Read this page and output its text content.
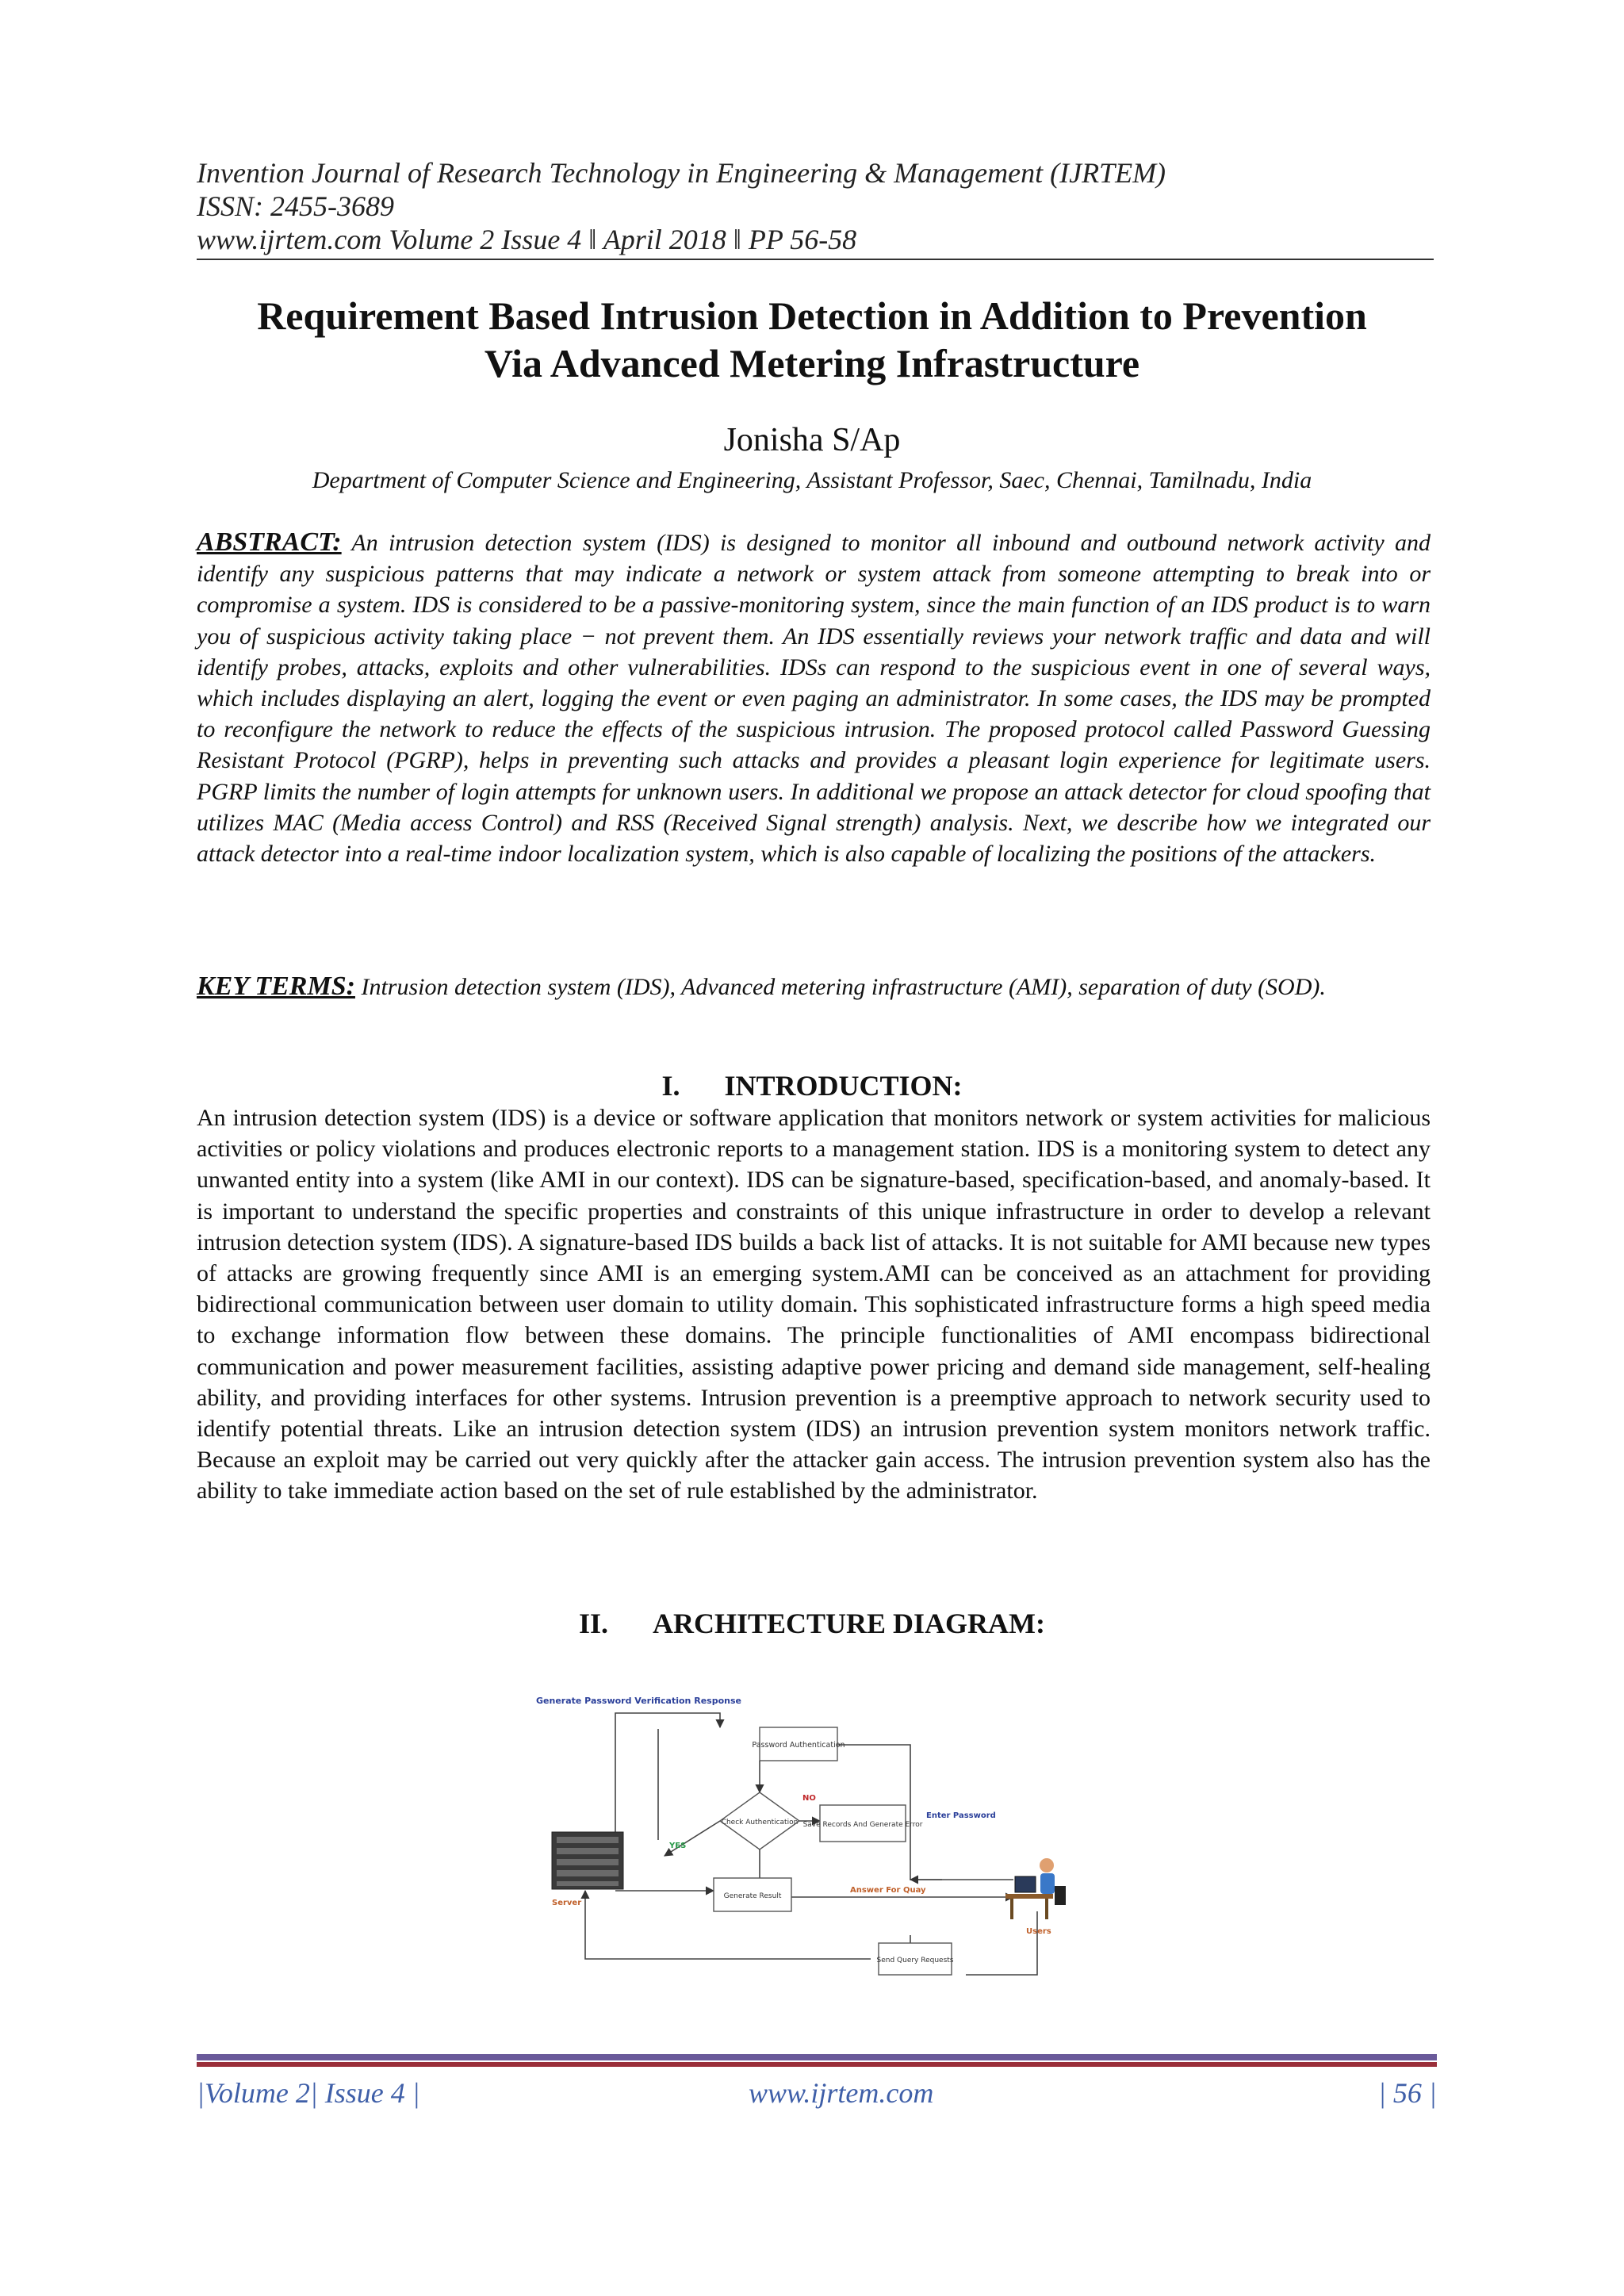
Invention Journal of Research Technology in Engineering & Management (IJRTEM)
ISSN: 2455-3689
www.ijrtem.com Volume 2 Issue 4 ǁ April 2018 ǁ PP 56-58
Requirement Based Intrusion Detection in Addition to Prevention
Via Advanced Metering Infrastructure
Jonisha S/Ap
Department of Computer Science and Engineering, Assistant Professor, Saec, Chennai, Tamilnadu, India
ABSTRACT: An intrusion detection system (IDS) is designed to monitor all inbound and outbound network activity and identify any suspicious patterns that may indicate a network or system attack from someone attempting to break into or compromise a system. IDS is considered to be a passive-monitoring system, since the main function of an IDS product is to warn you of suspicious activity taking place − not prevent them. An IDS essentially reviews your network traffic and data and will identify probes, attacks, exploits and other vulnerabilities. IDSs can respond to the suspicious event in one of several ways, which includes displaying an alert, logging the event or even paging an administrator. In some cases, the IDS may be prompted to reconfigure the network to reduce the effects of the suspicious intrusion. The proposed protocol called Password Guessing Resistant Protocol (PGRP), helps in preventing such attacks and provides a pleasant login experience for legitimate users. PGRP limits the number of login attempts for unknown users. In additional we propose an attack detector for cloud spoofing that utilizes MAC (Media access Control) and RSS (Received Signal strength) analysis. Next, we describe how we integrated our attack detector into a real-time indoor localization system, which is also capable of localizing the positions of the attackers.
KEY TERMS: Intrusion detection system (IDS), Advanced metering infrastructure (AMI), separation of duty (SOD).
I. INTRODUCTION:
An intrusion detection system (IDS) is a device or software application that monitors network or system activities for malicious activities or policy violations and produces electronic reports to a management station. IDS is a monitoring system to detect any unwanted entity into a system (like AMI in our context). IDS can be signature-based, specification-based, and anomaly-based. It is important to understand the specific properties and constraints of this unique infrastructure in order to develop a relevant intrusion detection system (IDS). A signature-based IDS builds a back list of attacks. It is not suitable for AMI because new types of attacks are growing frequently since AMI is an emerging system.AMI can be conceived as an attachment for providing bidirectional communication between user domain to utility domain. This sophisticated infrastructure forms a high speed media to exchange information flow between these domains. The principle functionalities of AMI encompass bidirectional communication and power measurement facilities, assisting adaptive power pricing and demand side management, self-healing ability, and providing interfaces for other systems. Intrusion prevention is a preemptive approach to network security used to identify potential threats. Like an intrusion detection system (IDS) an intrusion prevention system monitors network traffic. Because an exploit may be carried out very quickly after the attacker gain access. The intrusion prevention system also has the ability to take immediate action based on the set of rule established by the administrator.
II. ARCHITECTURE DIAGRAM:
Generate Password Verification Response
Password Authentication
Check Authentication Save Records And Generate Error
NO
YES
Enter Password
Server
Generate Result
Answer For Quay
Users
Send Query Requests
|Volume 2| Issue 4 |	www.ijrtem.com	| 56 |
